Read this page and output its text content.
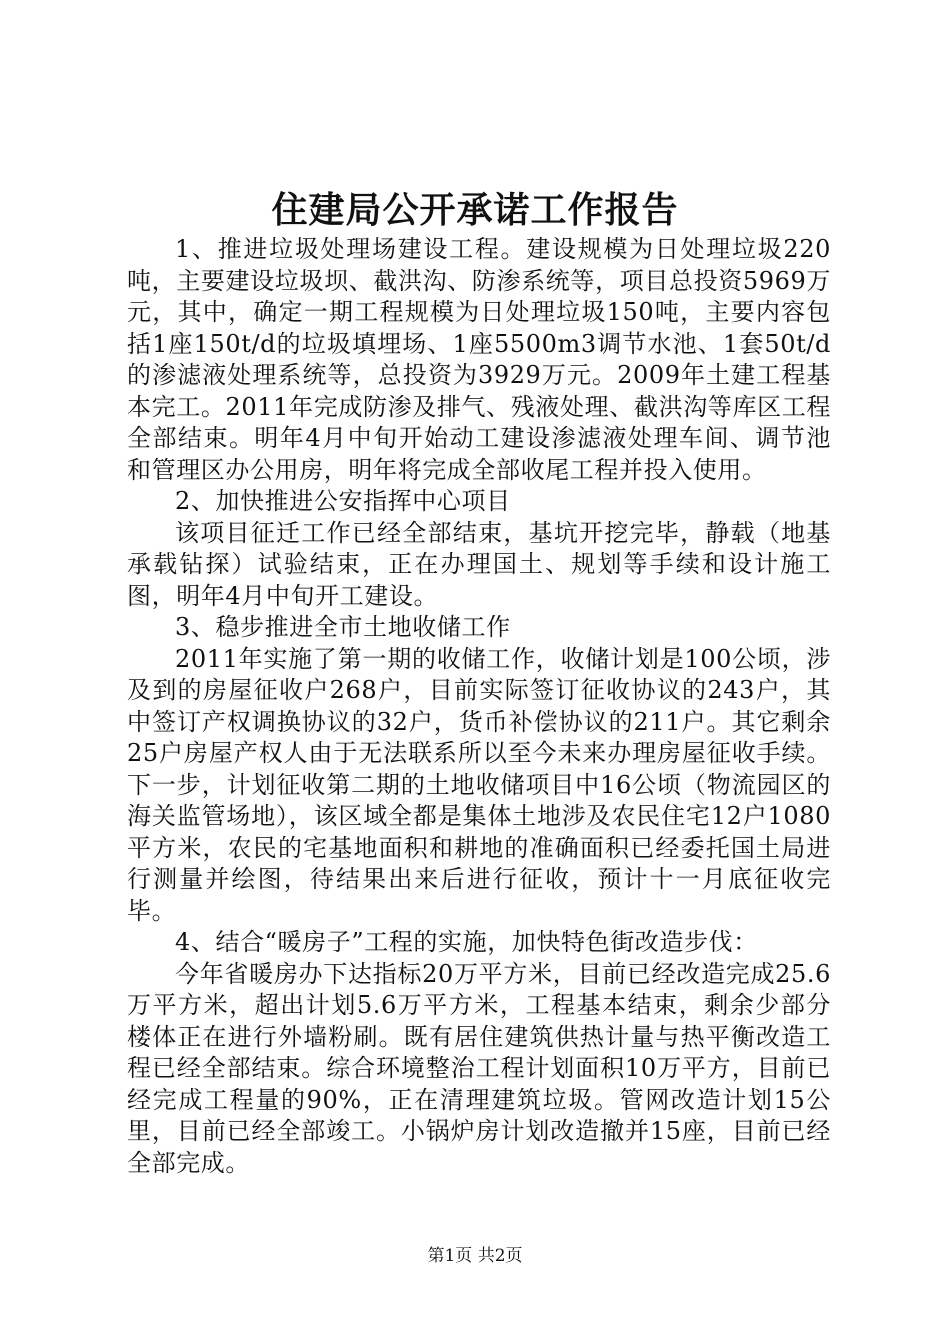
住建局公开承诺工作报告

1、推进垃圾处理场建设工程。建设规模为日处理垃圾220吨，主要建设垃圾坝、截洪沟、防渗系统等，项目总投资5969万元，其中，确定一期工程规模为日处理垃圾150吨，主要内容包括1座150t/d的垃圾填埋场、1座5500m3调节水池、1套50t/d的渗滤液处理系统等，总投资为3929万元。2009年土建工程基本完工。2011年完成防渗及排气、残液处理、截洪沟等库区工程全部结束。明年4月中旬开始动工建设渗滤液处理车间、调节池和管理区办公用房，明年将完成全部收尾工程并投入使用。

2、加快推进公安指挥中心项目

该项目征迁工作已经全部结束，基坑开挖完毕，静载（地基承载钻探）试验结束，正在办理国土、规划等手续和设计施工图，明年4月中旬开工建设。

3、稳步推进全市土地收储工作

2011年实施了第一期的收储工作，收储计划是100公顷，涉及到的房屋征收户268户，目前实际签订征收协议的243户，其中签订产权调换协议的32户，货币补偿协议的211户。其它剩余25户房屋产权人由于无法联系所以至今未来办理房屋征收手续。下一步，计划征收第二期的土地收储项目中16公顷（物流园区的海关监管场地），该区域全都是集体土地涉及农民住宅12户1080平方米，农民的宅基地面积和耕地的准确面积已经委托国土局进行测量并绘图，待结果出来后进行征收，预计十一月底征收完毕。

4、结合“暖房子”工程的实施，加快特色街改造步伐：

今年省暖房办下达指标20万平方米，目前已经改造完成25.6万平方米，超出计划5.6万平方米，工程基本结束，剩余少部分楼体正在进行外墙粉刷。既有居住建筑供热计量与热平衡改造工程已经全部结束。综合环境整治工程计划面积10万平方，目前已经完成工程量的90%，正在清理建筑垃圾。管网改造计划15公里，目前已经全部竣工。小锅炉房计划改造撤并15座，目前已经全部完成。

第1页 共2页
